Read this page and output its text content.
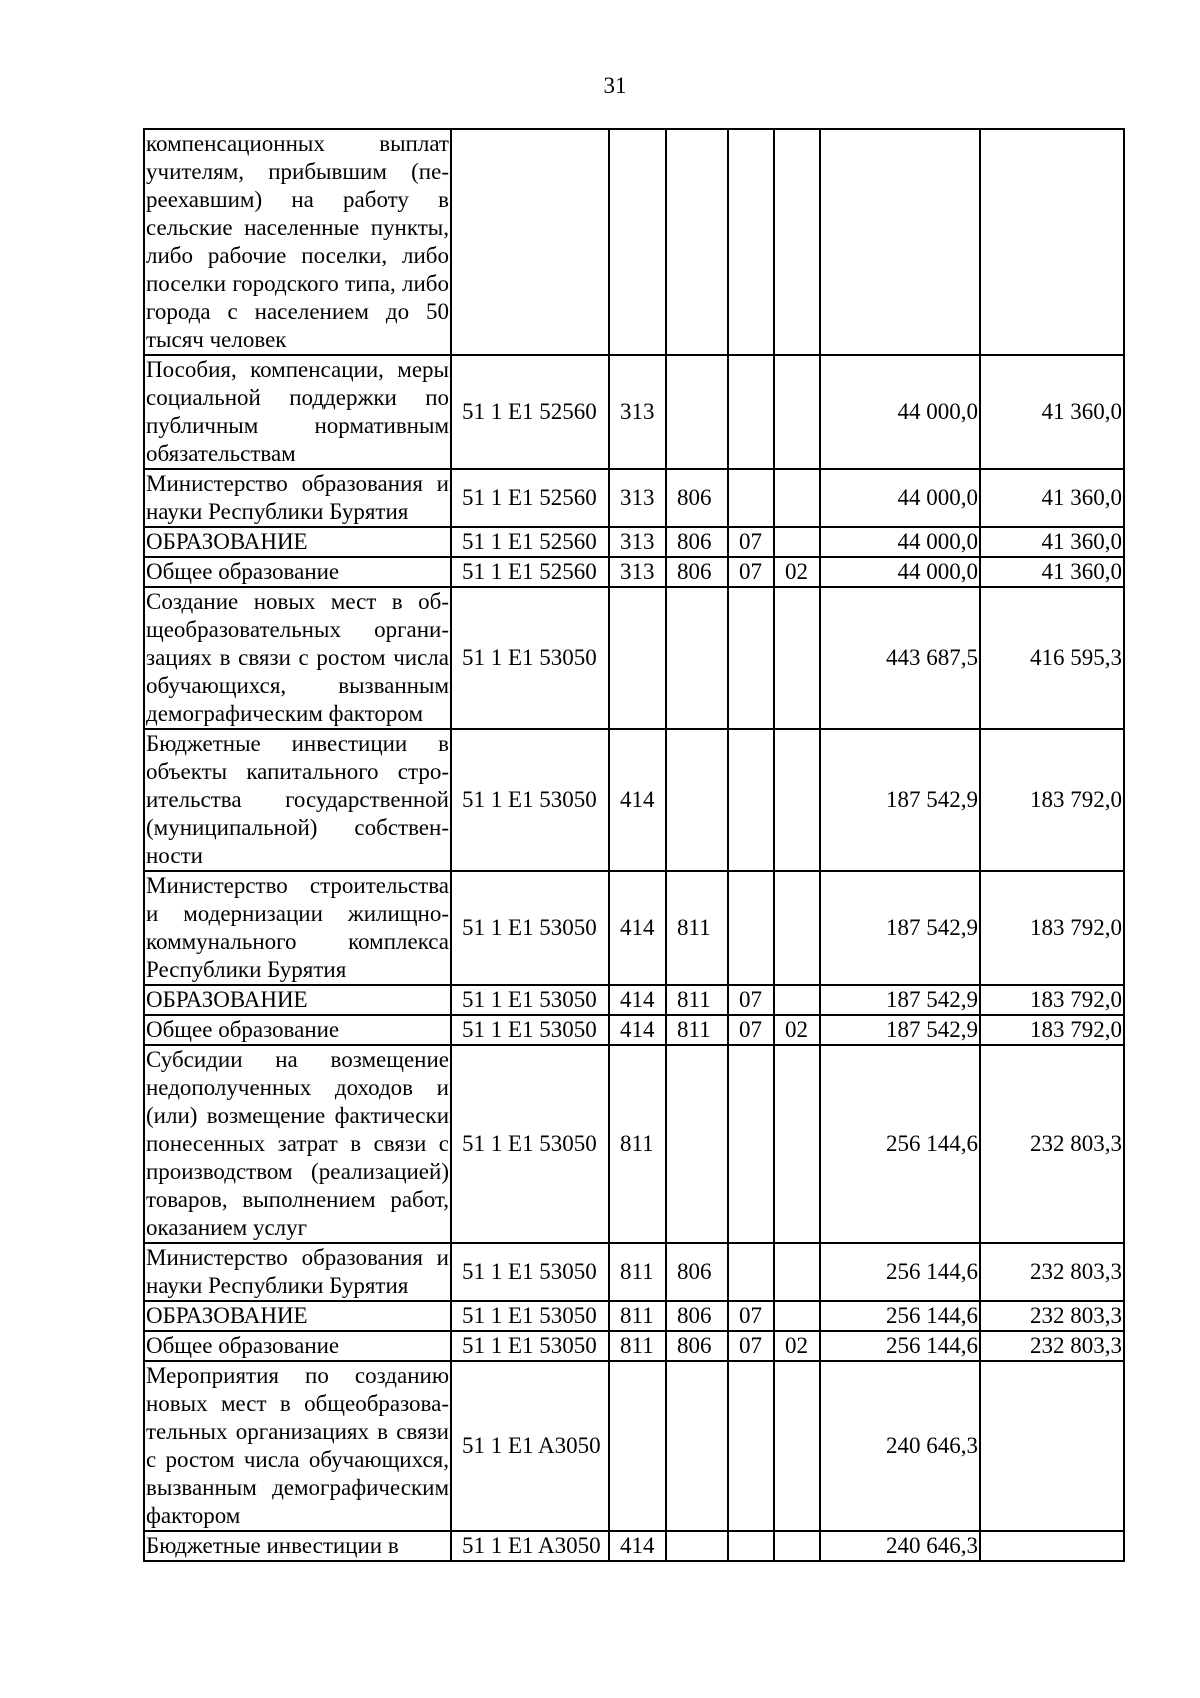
31
компенсационных выплат учителям, прибывшим (переехавшим) на работу в сельские населенные пункты, либо рабочие поселки, либо поселки городского типа, либо города с населением до 50 тысяч человек							
Пособия, компенсации, меры социальной поддержки по публичным нормативным обязательствам	51 1 E1 52560	313				44 000,0	41 360,0
Министерство образования и науки Республики Бурятия	51 1 E1 52560	313	806			44 000,0	41 360,0
ОБРАЗОВАНИЕ	51 1 E1 52560	313	806	07		44 000,0	41 360,0
Общее образование	51 1 E1 52560	313	806	07	02	44 000,0	41 360,0
Создание новых мест в общеобразовательных организациях в связи с ростом числа обучающихся, вызванным демографическим фактором	51 1 E1 53050					443 687,5	416 595,3
Бюджетные инвестиции в объекты капитального строительства государственной (муниципальной) собственности	51 1 E1 53050	414				187 542,9	183 792,0
Министерство строительства и модернизации жилищно-коммунального комплекса Республики Бурятия	51 1 E1 53050	414	811			187 542,9	183 792,0
ОБРАЗОВАНИЕ	51 1 E1 53050	414	811	07		187 542,9	183 792,0
Общее образование	51 1 E1 53050	414	811	07	02	187 542,9	183 792,0
Субсидии на возмещение недополученных доходов и (или) возмещение фактически понесенных затрат в связи с производством (реализацией) товаров, выполнением работ, оказанием услуг	51 1 E1 53050	811				256 144,6	232 803,3
Министерство образования и науки Республики Бурятия	51 1 E1 53050	811	806			256 144,6	232 803,3
ОБРАЗОВАНИЕ	51 1 E1 53050	811	806	07		256 144,6	232 803,3
Общее образование	51 1 E1 53050	811	806	07	02	256 144,6	232 803,3
Мероприятия по созданию новых мест в общеобразовательных организациях в связи с ростом числа обучающихся, вызванным демографическим фактором	51 1 E1 A3050					240 646,3	
Бюджетные инвестиции в	51 1 E1 A3050	414				240 646,3	
